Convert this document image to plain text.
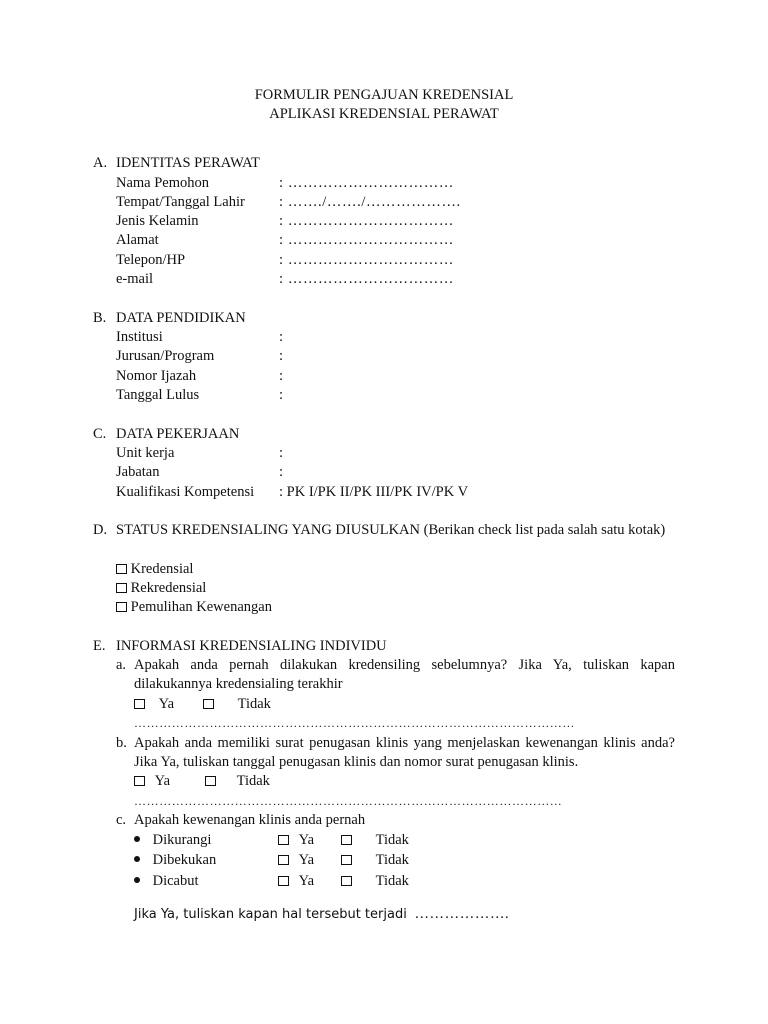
FORMULIR PENGAJUAN KREDENSIAL
APLIKASI KREDENSIAL PERAWAT
A. IDENTITAS PERAWAT
Nama Pemohon	: ……………………………
Tempat/Tanggal Lahir : ……./……./……………….
Jenis Kelamin	: ……………………………
Alamat	: ……………………………
Telepon/HP	: ……………………………
e-mail	: ……………………………
B. DATA PENDIDIKAN
Institusi	:
Jurusan/Program	:
Nomor Ijazah	:
Tanggal Lulus	:
C. DATA PEKERJAAN
Unit kerja	:
Jabatan	:
Kualifikasi Kompetensi : PK I/PK II/PK III/PK IV/PK V
D. STATUS KREDENSIALING YANG DIUSULKAN (Berikan check list pada salah satu kotak)
Kredensial
Rekredensial
Pemulihan Kewenangan
E. INFORMASI KREDENSIALING INDIVIDU
a. Apakah anda pernah dilakukan kredensiling sebelumnya? Jika Ya, tuliskan kapan dilakukannya kredensialing terakhir
Ya	Tidak
……………………………………………………………………………………………
b. Apakah anda memiliki surat penugasan klinis yang menjelaskan kewenangan klinis anda? Jika Ya, tuliskan tanggal penugasan klinis dan nomor surat penugasan klinis.
Ya	Tidak
…………………………………………………………………………………………
c. Apakah kewenangan klinis anda pernah
Dikurangi	Ya	Tidak
Dibekukan	Ya	Tidak
Dicabut	Ya	Tidak
Jika Ya, tuliskan kapan hal tersebut terjadi ……………….
